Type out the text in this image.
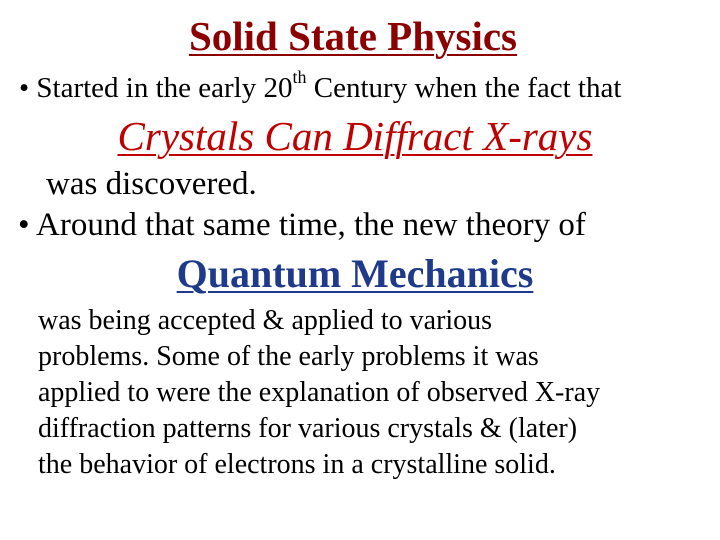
Solid State Physics
• Started in the early 20th Century when the fact that
Crystals Can Diffract X-rays
was discovered.
• Around that same time, the new theory of
Quantum Mechanics
was being accepted & applied to various
problems. Some of the early problems it was
applied to were the explanation of observed X-ray
diffraction patterns for various crystals & (later)
the behavior of electrons in a crystalline solid.
